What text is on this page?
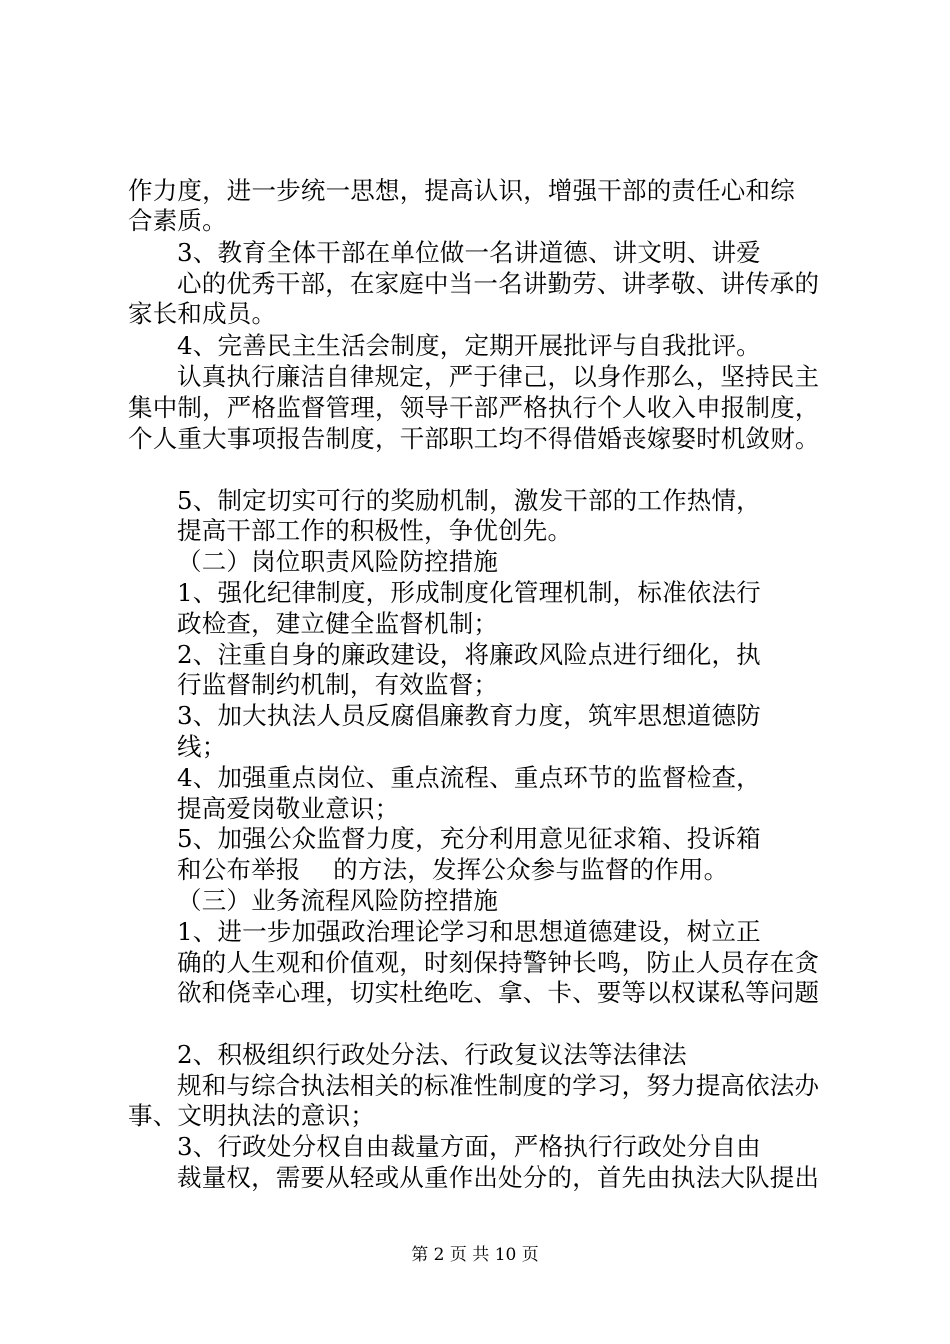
作力度，进一步统一思想，提高认识，增强干部的责任心和综
合素质。
3、教育全体干部在单位做一名讲道德、讲文明、讲爱
心的优秀干部，在家庭中当一名讲勤劳、讲孝敬、讲传承的
家长和成员。
4、完善民主生活会制度，定期开展批评与自我批评。
认真执行廉洁自律规定，严于律己，以身作那么，坚持民主
集中制，严格监督管理，领导干部严格执行个人收入申报制度，
个人重大事项报告制度，干部职工均不得借婚丧嫁娶时机敛财。
5、制定切实可行的奖励机制，激发干部的工作热情，
提高干部工作的积极性，争优创先。
（二）岗位职责风险防控措施
1、强化纪律制度，形成制度化管理机制，标准依法行
政检查，建立健全监督机制；
2、注重自身的廉政建设，将廉政风险点进行细化，执
行监督制约机制，有效监督；
3、加大执法人员反腐倡廉教育力度，筑牢思想道德防
线；
4、加强重点岗位、重点流程、重点环节的监督检查，
提高爱岗敬业意识；
5、加强公众监督力度，充分利用意见征求箱、投诉箱
和公布举报　 的方法，发挥公众参与监督的作用。
（三）业务流程风险防控措施
1、进一步加强政治理论学习和思想道德建设，树立正
确的人生观和价值观，时刻保持警钟长鸣，防止人员存在贪
欲和侥幸心理，切实杜绝吃、拿、卡、要等以权谋私等问题
2、积极组织行政处分法、行政复议法等法律法
规和与综合执法相关的标准性制度的学习，努力提高依法办
事、文明执法的意识；
3、行政处分权自由裁量方面，严格执行行政处分自由
裁量权，需要从轻或从重作出处分的，首先由执法大队提出
第 2 页 共 10 页
